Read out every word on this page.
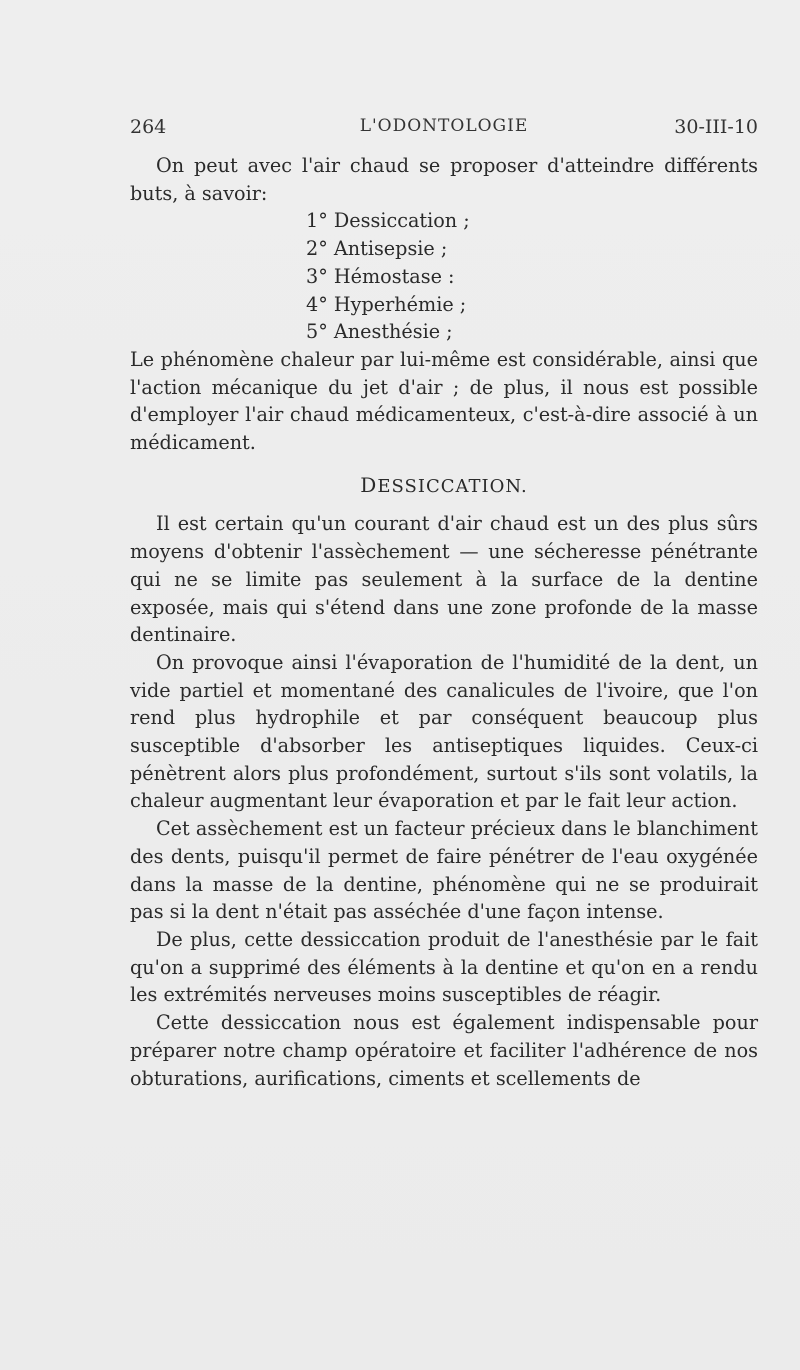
264	L'ODONTOLOGIE	30-III-10

On peut avec l'air chaud se proposer d'atteindre différents buts, à savoir:

1° Dessiccation ;
2° Antisepsie ;
3° Hémostase :
4° Hyperhémie ;
5° Anesthésie ;

Le phénomène chaleur par lui-même est considérable, ainsi que l'action mécanique du jet d'air ; de plus, il nous est possible d'employer l'air chaud médicamenteux, c'est-à-dire associé à un médicament.

DESSICCATION.

Il est certain qu'un courant d'air chaud est un des plus sûrs moyens d'obtenir l'assèchement — une sécheresse pénétrante qui ne se limite pas seulement à la surface de la dentine exposée, mais qui s'étend dans une zone profonde de la masse dentinaire.

On provoque ainsi l'évaporation de l'humidité de la dent, un vide partiel et momentané des canalicules de l'ivoire, que l'on rend plus hydrophile et par conséquent beaucoup plus susceptible d'absorber les antiseptiques liquides. Ceux-ci pénètrent alors plus profondément, surtout s'ils sont volatils, la chaleur augmentant leur évaporation et par le fait leur action.

Cet assèchement est un facteur précieux dans le blanchiment des dents, puisqu'il permet de faire pénétrer de l'eau oxygénée dans la masse de la dentine, phénomène qui ne se produirait pas si la dent n'était pas asséchée d'une façon intense.

De plus, cette dessiccation produit de l'anesthésie par le fait qu'on a supprimé des éléments à la dentine et qu'on en a rendu les extrémités nerveuses moins susceptibles de réagir.

Cette dessiccation nous est également indispensable pour préparer notre champ opératoire et faciliter l'adhérence de nos obturations, aurifications, ciments et scellements de
